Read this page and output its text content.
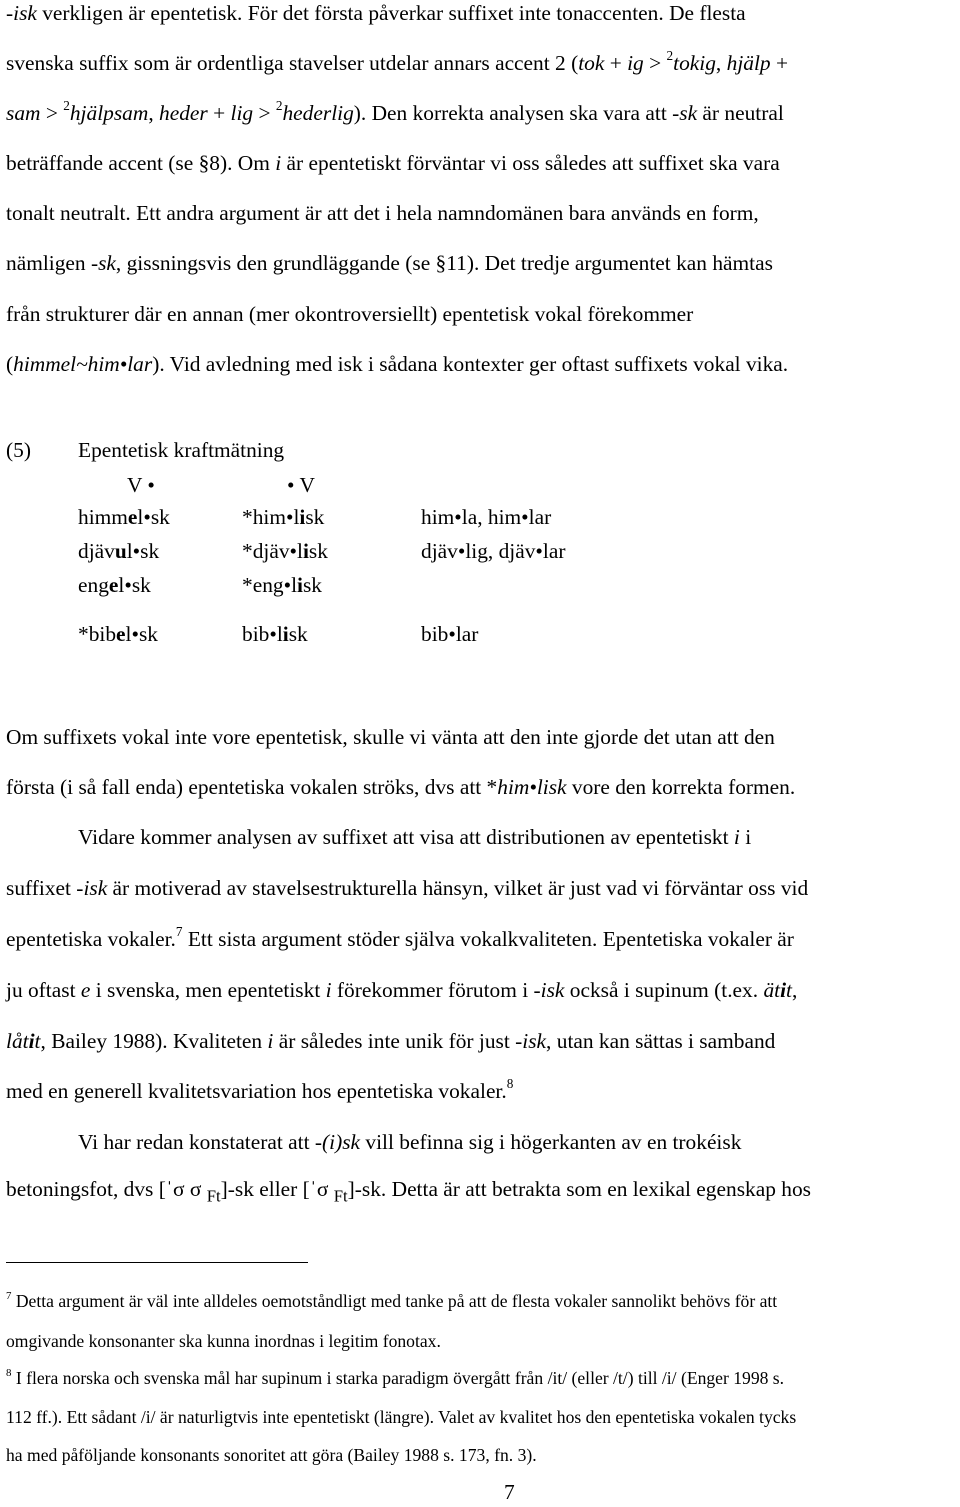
-isk verkligen är epentetisk. För det första påverkar suffixet inte tonaccenten. De flesta
svenska suffix som är ordentliga stavelser utdelar annars accent 2 (tok + ig > $^2$tokig, hjälp +
sam > $^2$hjälpsam, heder + lig > $^2$hederlig). Den korrekta analysen ska vara att -sk är neutral
beträffande accent (se §8). Om i är epentetiskt förväntar vi oss således att suffixet ska vara
tonalt neutralt. Ett andra argument är att det i hela namndomänen bara används en form,
nämligen -sk, gissningsvis den grundläggande (se §11). Det tredje argumentet kan hämtas
från strukturer där en annan (mer okontroversiellt) epentetisk vokal förekommer
(himmel~him•lar). Vid avledning med isk i sådana kontexter ger oftast suffixets vokal vika.
(5) Epentetisk kraftmätning
V •	• V
himmel•sk	*him•lisk	him•la, him•lar
djävul•sk	*djäv•lisk	djäv•lig, djäv•lar
engel•sk	*eng•lisk
*bibel•sk	bib•lisk	bib•lar
Om suffixets vokal inte vore epentetisk, skulle vi vänta att den inte gjorde det utan att den
första (i så fall enda) epentetiska vokalen ströks, dvs att *him•lisk vore den korrekta formen.
Vidare kommer analysen av suffixet att visa att distributionen av epentetiskt i i
suffixet -isk är motiverad av stavelsestrukturella hänsyn, vilket är just vad vi förväntar oss vid
epentetiska vokaler.$^7$ Ett sista argument stöder själva vokalkvaliteten. Epentetiska vokaler är
ju oftast e i svenska, men epentetiskt i förekommer förutom i -isk också i supinum (t.ex. ätit,
låtit, Bailey 1988). Kvaliteten i är således inte unik för just -isk, utan kan sättas i samband
med en generell kvalitetsvariation hos epentetiska vokaler.$^8$
Vi har redan konstaterat att -(i)sk vill befinna sig i högerkanten av en trokéisk
betoningsfot, dvs [ˈσ σ $_{Ft}$]-sk eller [ˈσ $_{Ft}$]-sk. Detta är att betrakta som en lexikal egenskap hos
$^7$ Detta argument är väl inte alldeles oemotståndligt med tanke på att de flesta vokaler sannolikt behövs för att
omgivande konsonanter ska kunna inordnas i legitim fonotax.
$^8$ I flera norska och svenska mål har supinum i starka paradigm övergått från /it/ (eller /t/) till /i/ (Enger 1998 s.
112 ff.). Ett sådant /i/ är naturligtvis inte epentetiskt (längre). Valet av kvalitet hos den epentetiska vokalen tycks
ha med påföljande konsonants sonoritet att göra (Bailey 1988 s. 173, fn. 3).
7
